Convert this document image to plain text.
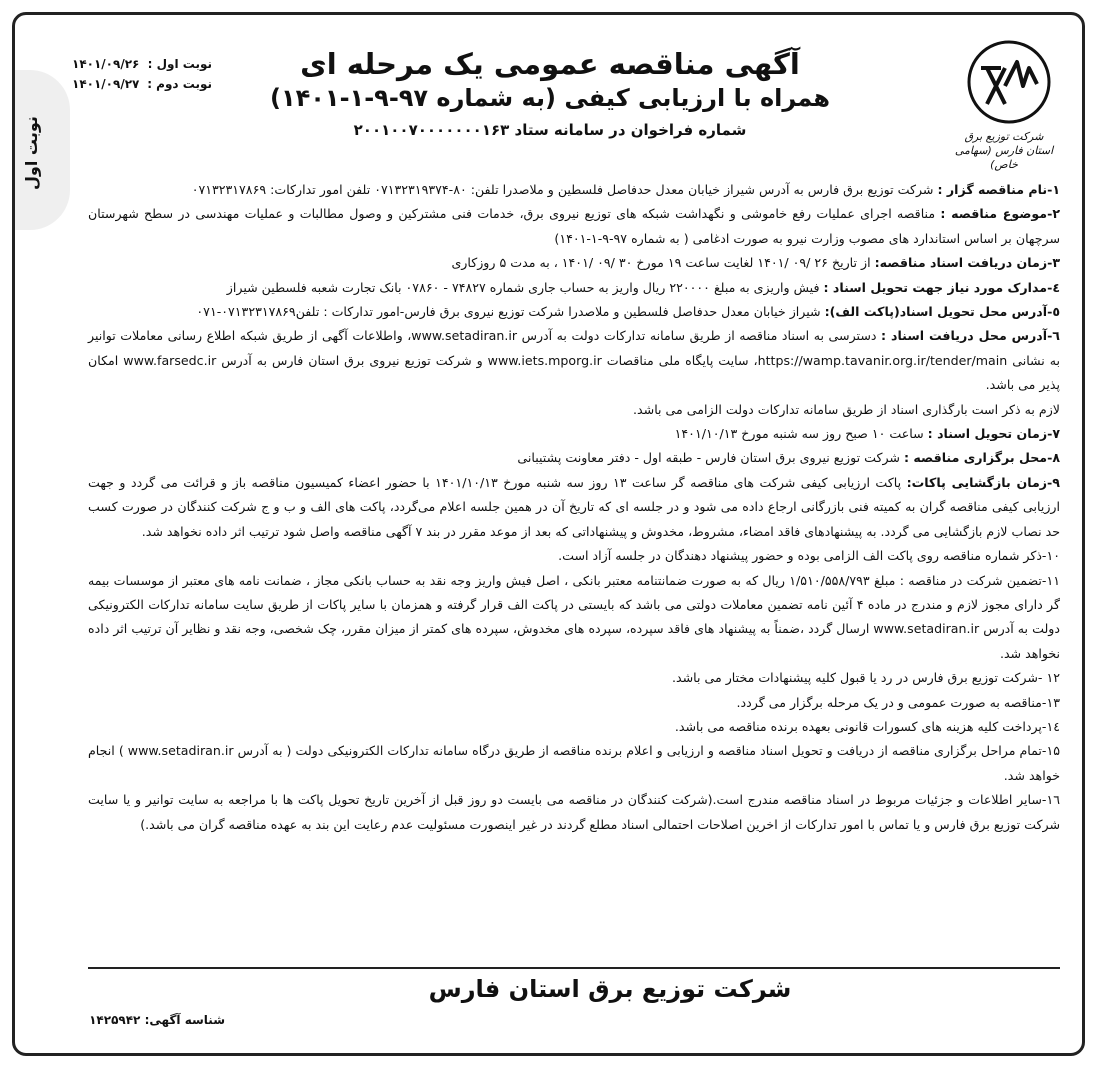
نوبت اول	شرکت توزیع برق
استان فارس (سهامی خاص)
آگهی مناقصه عمومی یک مرحله ای
همراه با ارزیابی کیفی (به شماره ۹۷-۹-۱-۱۴۰۱)
شماره فراخوان در سامانه ستاد ۲۰۰۱۰۰۷۰۰۰۰۰۰۰۱۶۳
نوبت اول :
۱۴۰۱/۰۹/۲۶
نوبت دوم :
۱۴۰۱/۰۹/۲۷

۱-نام مناقصه گزار : شرکت توزیع برق فارس به آدرس شیراز خیابان معدل حدفاصل فلسطین و ملاصدرا تلفن: ۸۰-۰۷۱۳۲۳۱۹۳۷۴ تلفن امور تدارکات: ۰۷۱۳۲۳۱۷۸۶۹

۲-موضوع مناقصه : مناقصه اجرای عملیات رفع خاموشی و نگهداشت شبکه های توزیع نیروی برق، خدمات فنی مشترکین و وصول مطالبات و عملیات مهندسی در سطح شهرستان سرچهان بر اساس استاندارد های مصوب وزارت نیرو به صورت ادغامی ( به شماره ۹۷-۹-۱-۱۴۰۱)

۳-زمان دریافت اسناد مناقصه: از تاریخ ۲۶ /۰۹ /۱۴۰۱ لغایت ساعت ۱۹ مورخ ۳۰ /۰۹ /۱۴۰۱ ، به مدت ۵ روزکاری

٤-مدارک مورد نیاز جهت تحویل اسناد : فیش واریزی به مبلغ ۲۲۰۰۰۰ ریال واریز به حساب جاری شماره ۷۴۸۲۷ - ۰۷۸۶۰ بانک تجارت شعبه فلسطین شیراز

٥-آدرس محل تحویل اسناد(پاکت الف): شیراز خیابان معدل حدفاصل فلسطین و ملاصدرا شرکت توزیع نیروی برق فارس-امور تدارکات : تلفن۰۷۱۳۲۳۱۷۸۶۹-۰۷۱

٦-آدرس محل دریافت اسناد : دسترسی به اسناد مناقصه از طریق سامانه تدارکات دولت به آدرس www.setadiran.ir، واطلاعات آگهی از طریق شبکه اطلاع رسانی معاملات توانیر به نشانی https://wamp.tavanir.org.ir/tender/main، سایت پایگاه ملی مناقصات www.iets.mporg.ir و شرکت توزیع نیروی برق استان فارس به آدرس www.farsedc.ir امکان پذیر می باشد.

لازم به ذکر است بارگذاری اسناد از طریق سامانه تدارکات دولت الزامی می باشد.

۷-زمان تحویل اسناد : ساعت ۱۰ صبح روز سه شنبه مورخ ۱۴۰۱/۱۰/۱۳

۸-محل برگزاری مناقصه : شرکت توزیع نیروی برق استان فارس - طبقه اول - دفتر معاونت پشتیبانی

۹-زمان بازگشایی پاکات: پاکت ارزیابی کیفی شرکت های مناقصه گر ساعت ۱۳ روز سه شنبه مورخ ۱۴۰۱/۱۰/۱۳ با حضور اعضاء کمیسیون مناقصه باز و قرائت می گردد و جهت ارزیابی کیفی مناقصه گران به کمیته فنی بازرگانی ارجاع داده می شود و در جلسه ای که تاریخ آن در همین جلسه اعلام می‌گردد، پاکت های الف و ب و ج شرکت کنندگان در صورت کسب حد نصاب لازم بازگشایی می گردد. به پیشنهادهای فاقد امضاء، مشروط، مخدوش و پیشنهاداتی که بعد از موعد مقرر در بند ۷ آگهی مناقصه واصل شود ترتیب اثر داده نخواهد شد.

۱۰-ذکر شماره مناقصه روی پاکت الف الزامی بوده و حضور پیشنهاد دهندگان در جلسه آزاد است.

۱۱-تضمین شرکت در مناقصه : مبلغ ۱/۵۱۰/۵۵۸/۷۹۳ ریال که به صورت ضمانتنامه معتبر بانکی ، اصل فیش واریز وجه نقد به حساب بانکی مجاز ، ضمانت نامه های معتبر از موسسات بیمه گر دارای مجوز لازم و مندرج در ماده ۴ آئین نامه تضمین معاملات دولتی می باشد که بایستی در پاکت الف قرار گرفته و همزمان با سایر پاکات از طریق سایت سامانه تدارکات الکترونیکی دولت به آدرس www.setadiran.ir ارسال گردد ،ضمناً به پیشنهاد های فاقد سپرده، سپرده های مخدوش، سپرده های کمتر از میزان مقرر، چک شخصی، وجه نقد و نظایر آن ترتیب اثر داده نخواهد شد.

۱۲ -شرکت توزیع برق فارس در رد یا قبول کلیه پیشنهادات مختار می باشد.

۱۳-مناقصه به صورت عمومی و در یک مرحله برگزار می گردد.

۱٤-پرداخت کلیه هزینه های کسورات قانونی بعهده برنده مناقصه می باشد.

۱۵-تمام مراحل برگزاری مناقصه از دریافت و تحویل اسناد مناقصه و ارزیابی و اعلام برنده مناقصه از طریق درگاه سامانه تدارکات الکترونیکی دولت ( به آدرس www.setadiran.ir ) انجام خواهد شد.

۱٦-سایر اطلاعات و جزئیات مربوط در اسناد مناقصه مندرج است.(شرکت کنندگان در مناقصه می بایست دو روز قبل از آخرین تاریخ تحویل پاکت ها با مراجعه به سایت توانیر و یا سایت شرکت توزیع برق فارس و یا تماس با امور تدارکات از اخرین اصلاحات احتمالی اسناد مطلع گردند در غیر اینصورت مسئولیت عدم رعایت این بند به عهده مناقصه گران می باشد.)

شرکت توزیع برق استان فارس
شناسه آگهی: ۱۴۲۵۹۴۲
